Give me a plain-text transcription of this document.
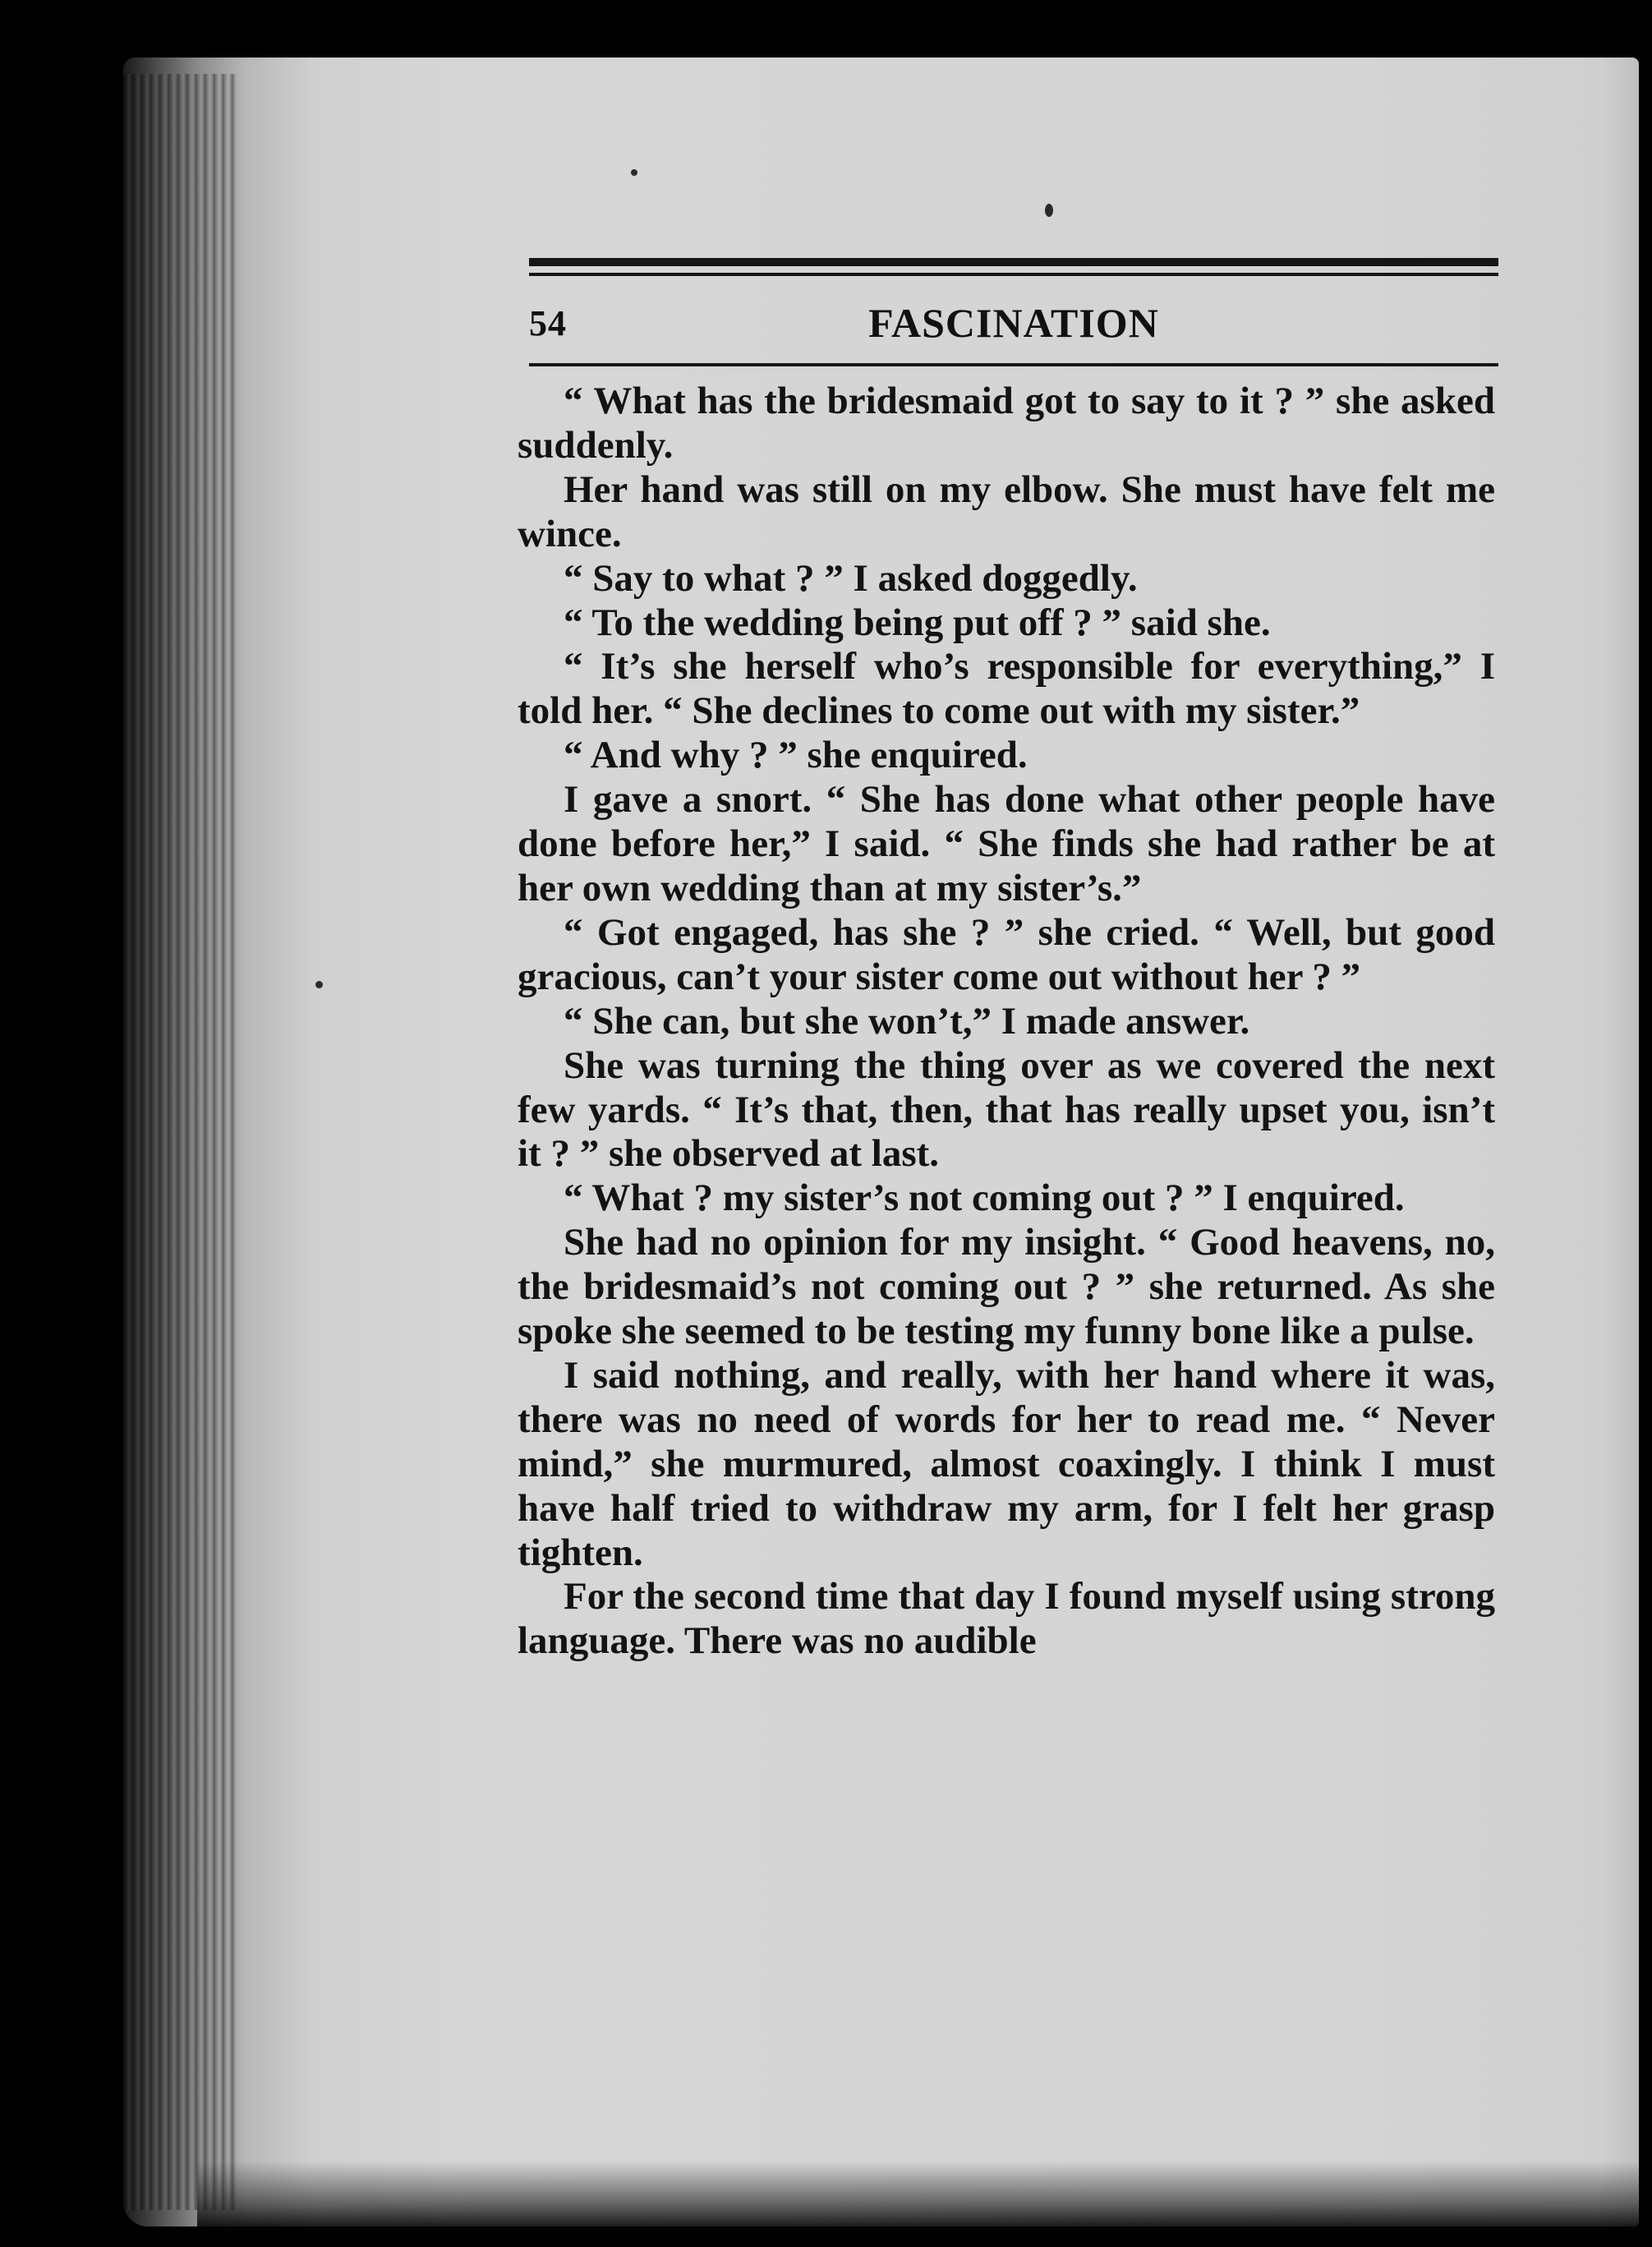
54	FASCINATION

“ What has the bridesmaid got to say to it ? ” she asked suddenly.

Her hand was still on my elbow. She must have felt me wince.

“ Say to what ? ” I asked doggedly.

“ To the wedding being put off ? ” said she.

“ It’s she herself who’s responsible for everything,” I told her. “ She declines to come out with my sister.”

“ And why ? ” she enquired.

I gave a snort. “ She has done what other people have done before her,” I said. “ She finds she had rather be at her own wedding than at my sister’s.”

“ Got engaged, has she ? ” she cried. “ Well, but good gracious, can’t your sister come out without her ? ”

“ She can, but she won’t,” I made answer.

She was turning the thing over as we covered the next few yards. “ It’s that, then, that has really upset you, isn’t it ? ” she observed at last.

“ What ? my sister’s not coming out ? ” I enquired.

She had no opinion for my insight. “ Good heavens, no, the bridesmaid’s not coming out ? ” she returned. As she spoke she seemed to be testing my funny bone like a pulse.

I said nothing, and really, with her hand where it was, there was no need of words for her to read me. “ Never mind,” she murmured, almost coaxingly. I think I must have half tried to withdraw my arm, for I felt her grasp tighten.

For the second time that day I found myself using strong language. There was no audible
